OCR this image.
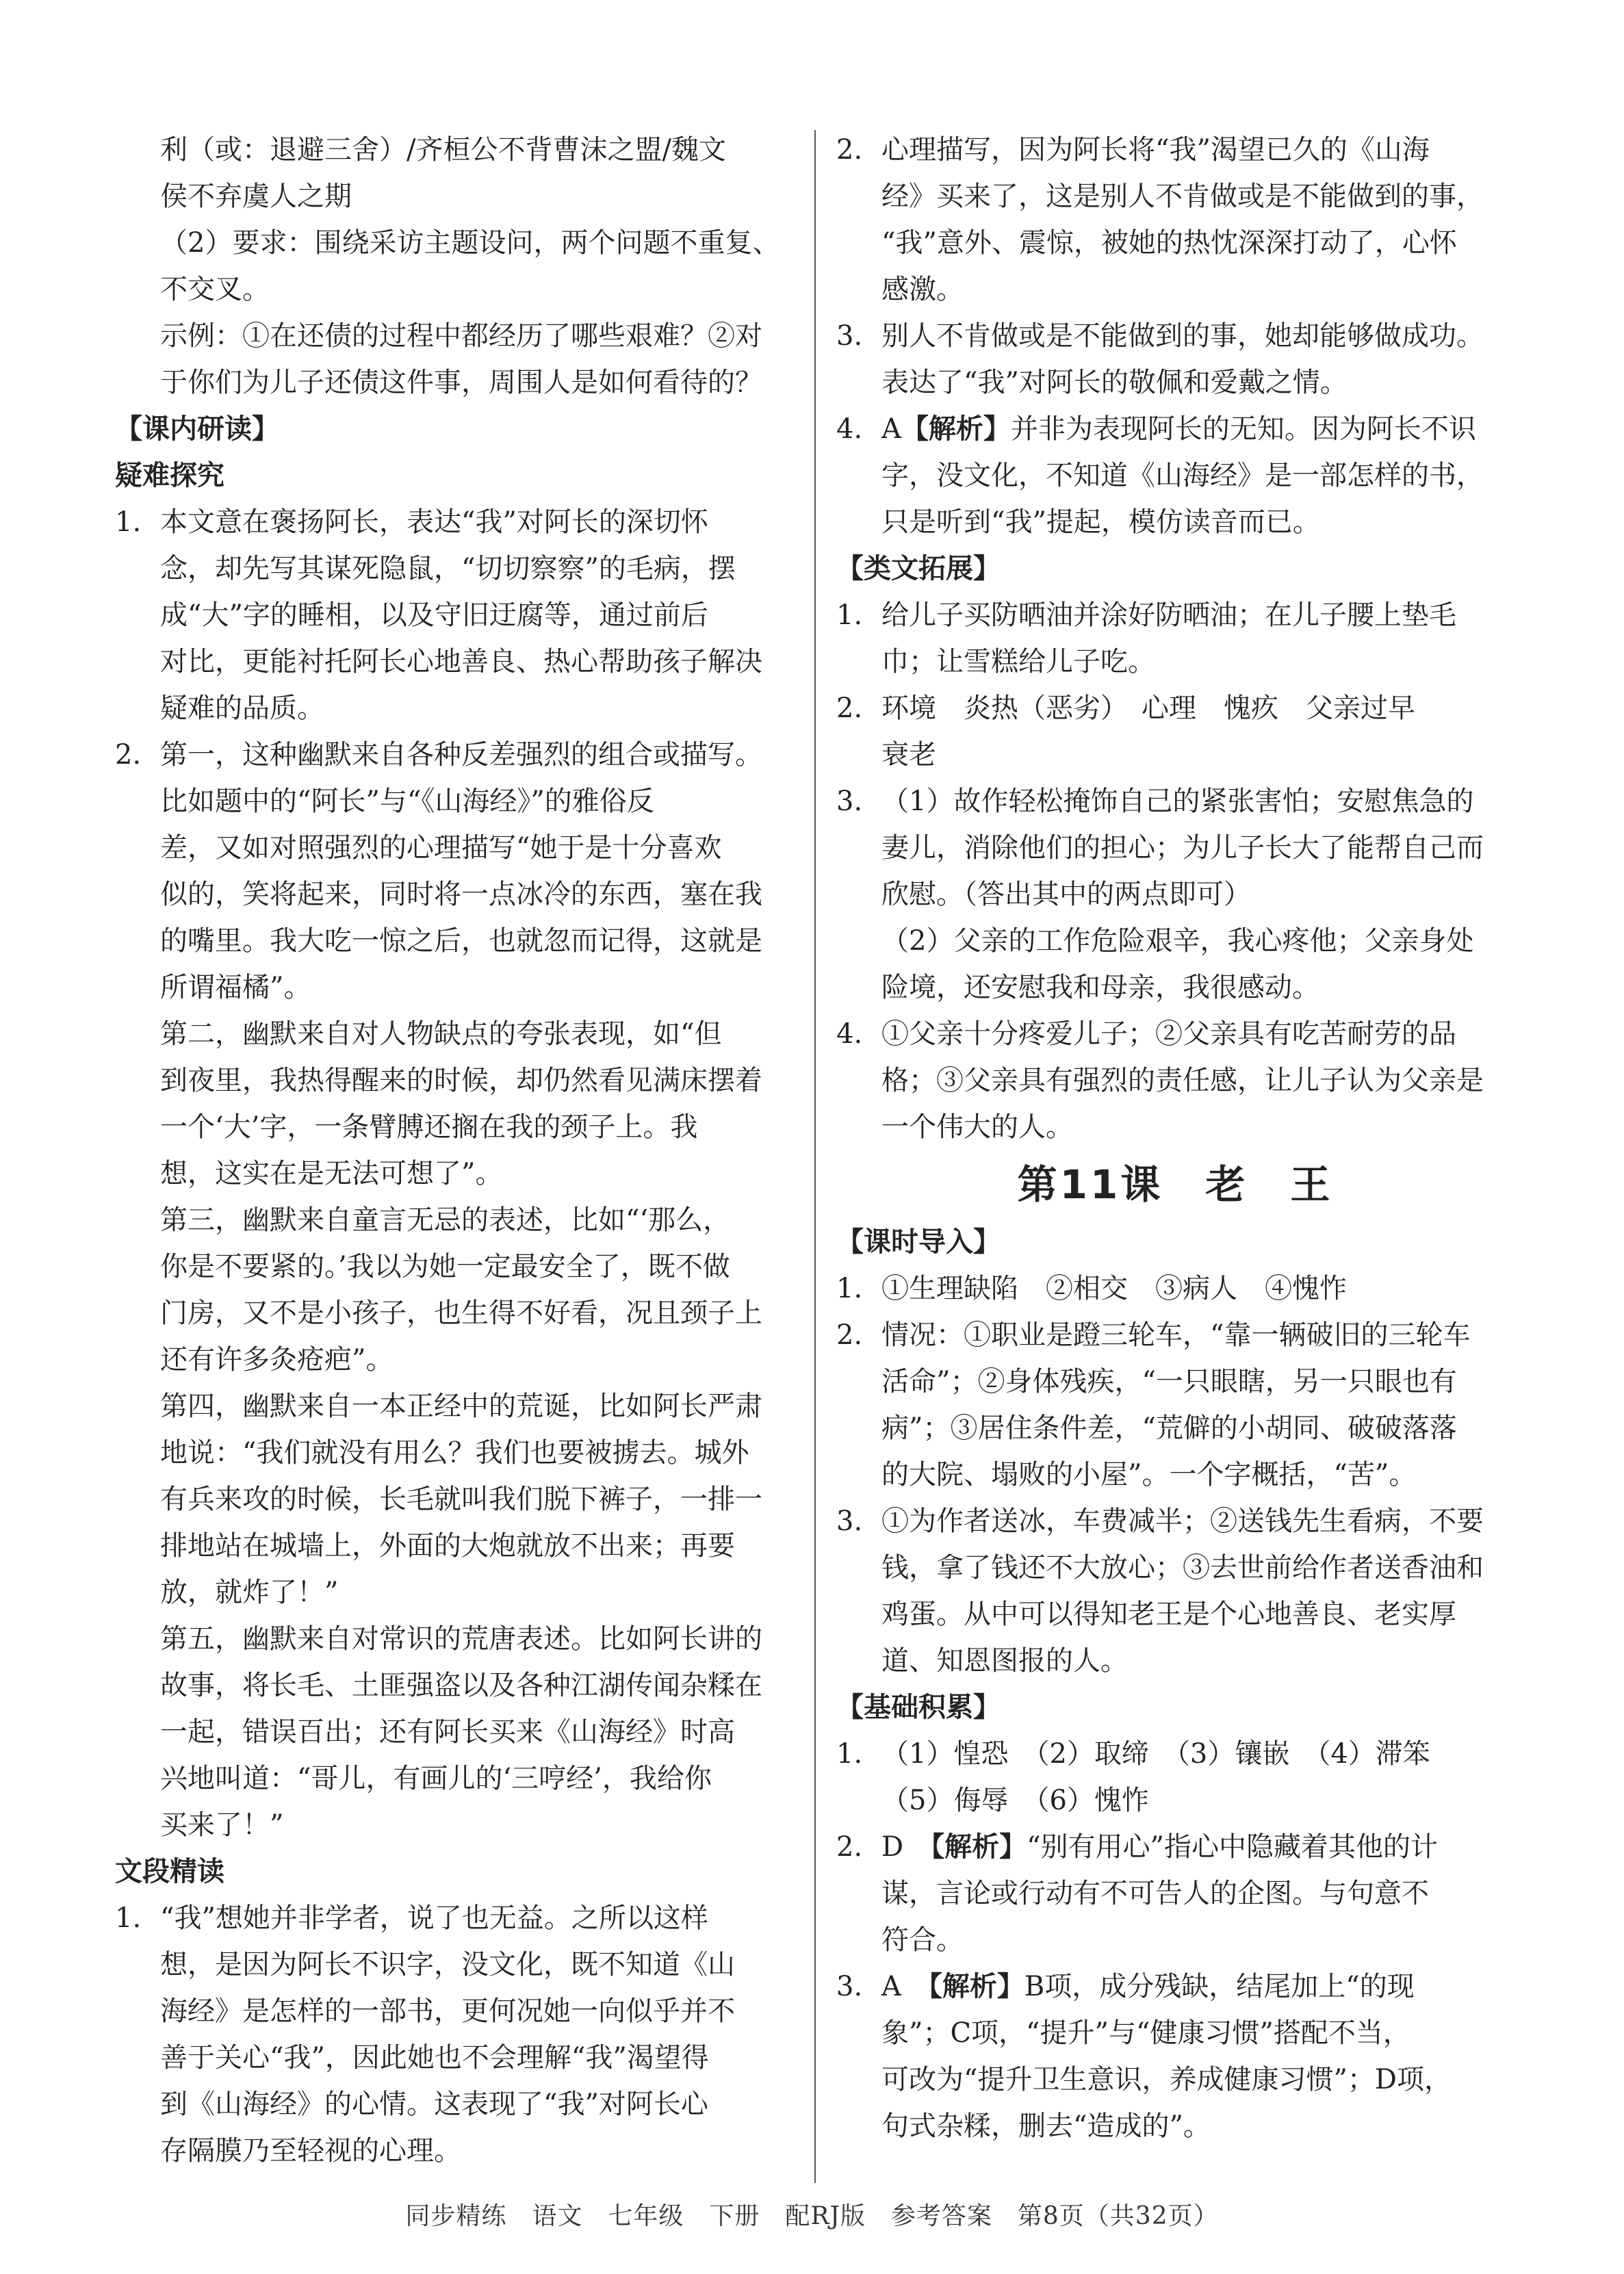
利（或：退避三舍）/齐桓公不背曹沫之盟/魏文
侯不弃虞人之期
（2）要求：围绕采访主题设问，两个问题不重复、
不交叉。
示例：①在还债的过程中都经历了哪些艰难？②对
于你们为儿子还债这件事，周围人是如何看待的？
【课内研读】
疑难探究
1. 本文意在褒扬阿长，表达“我”对阿长的深切怀
念，却先写其谋死隐鼠，“切切察察”的毛病，摆
成“大”字的睡相，以及守旧迂腐等，通过前后
对比，更能衬托阿长心地善良、热心帮助孩子解决
疑难的品质。
2. 第一，这种幽默来自各种反差强烈的组合或描写。
比如题中的“阿长”与“《山海经》”的雅俗反
差，又如对照强烈的心理描写“她于是十分喜欢
似的，笑将起来，同时将一点冰冷的东西，塞在我
的嘴里。我大吃一惊之后，也就忽而记得，这就是
所谓福橘”。
第二，幽默来自对人物缺点的夸张表现，如“但
到夜里，我热得醒来的时候，却仍然看见满床摆着
一个‘大’字，一条臂膊还搁在我的颈子上。我
想，这实在是无法可想了”。
第三，幽默来自童言无忌的表述，比如“‘那么，
你是不要紧的。’我以为她一定最安全了，既不做
门房，又不是小孩子，也生得不好看，况且颈子上
还有许多灸疮疤”。
第四，幽默来自一本正经中的荒诞，比如阿长严肃
地说：“我们就没有用么？我们也要被掳去。城外
有兵来攻的时候，长毛就叫我们脱下裤子，一排一
排地站在城墙上，外面的大炮就放不出来；再要
放，就炸了！”
第五，幽默来自对常识的荒唐表述。比如阿长讲的
故事，将长毛、土匪强盗以及各种江湖传闻杂糅在
一起，错误百出；还有阿长买来《山海经》时高
兴地叫道：“哥儿，有画儿的‘三哼经’，我给你
买来了！”
文段精读
1. “我”想她并非学者，说了也无益。之所以这样
想，是因为阿长不识字，没文化，既不知道《山
海经》是怎样的一部书，更何况她一向似乎并不
善于关心“我”，因此她也不会理解“我”渴望得
到《山海经》的心情。这表现了“我”对阿长心
存隔膜乃至轻视的心理。
2. 心理描写，因为阿长将“我”渴望已久的《山海
经》买来了，这是别人不肯做或是不能做到的事，
“我”意外、震惊，被她的热忱深深打动了，心怀
感激。
3. 别人不肯做或是不能做到的事，她却能够做成功。
表达了“我”对阿长的敬佩和爱戴之情。
4. A【解析】并非为表现阿长的无知。因为阿长不识
字，没文化，不知道《山海经》是一部怎样的书，
只是听到“我”提起，模仿读音而已。
【类文拓展】
1. 给儿子买防晒油并涂好防晒油；在儿子腰上垫毛
巾；让雪糕给儿子吃。
2. 环境　炎热（恶劣）　心理　愧疚　父亲过早
衰老
3. （1）故作轻松掩饰自己的紧张害怕；安慰焦急的
妻儿，消除他们的担心；为儿子长大了能帮自己而
欣慰。（答出其中的两点即可）
（2）父亲的工作危险艰辛，我心疼他；父亲身处
险境，还安慰我和母亲，我很感动。
4. ①父亲十分疼爱儿子；②父亲具有吃苦耐劳的品
格；③父亲具有强烈的责任感，让儿子认为父亲是
一个伟大的人。
第11课　老　王
【课时导入】
1. ①生理缺陷　②相交　③病人　④愧怍
2. 情况：①职业是蹬三轮车，“靠一辆破旧的三轮车
活命”；②身体残疾，“一只眼瞎，另一只眼也有
病”；③居住条件差，“荒僻的小胡同、破破落落
的大院、塌败的小屋”。一个字概括，“苦”。
3. ①为作者送冰，车费减半；②送钱先生看病，不要
钱，拿了钱还不大放心；③去世前给作者送香油和
鸡蛋。从中可以得知老王是个心地善良、老实厚
道、知恩图报的人。
【基础积累】
1. （1）惶恐　（2）取缔　（3）镶嵌　（4）滞笨
（5）侮辱　（6）愧怍
2. D　 【解析】“别有用心”指心中隐藏着其他的计
谋，言论或行动有不可告人的企图。与句意不
符合。
3. A　 【解析】B项，成分残缺，结尾加上“的现
象”；C项，“提升”与“健康习惯”搭配不当，
可改为“提升卫生意识，养成健康习惯”；D项，
句式杂糅，删去“造成的”。
同步精练　语文　七年级　下册　配RJ版　参考答案　第8页（共32页）
